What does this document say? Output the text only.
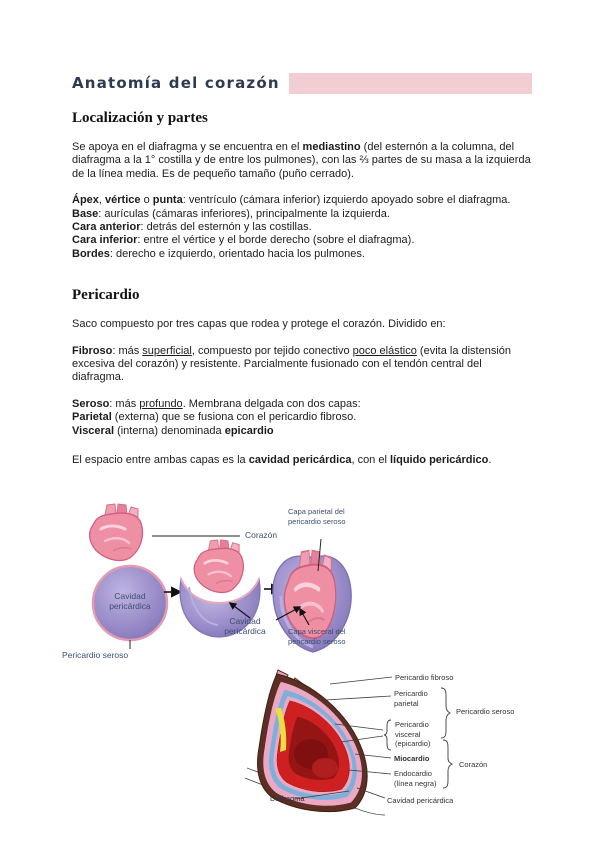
Anatomía del corazón
Localización y partes

Se apoya en el diafragma y se encuentra en el mediastino (del esternón a la columna, del diafragma a la 1° costilla y de entre los pulmones), con las ⅔ partes de su masa a la izquierda de la línea media. Es de pequeño tamaño (puño cerrado).

Ápex, vértice o punta: ventrículo (cámara inferior) izquierdo apoyado sobre el diafragma.

Base: aurículas (cámaras inferiores), principalmente la izquierda.

Cara anterior: detrás del esternón y las costillas.

Cara inferior: entre el vértice y el borde derecho (sobre el diafragma).

Bordes: derecho e izquierdo, orientado hacia los pulmones.

Pericardio

Saco compuesto por tres capas que rodea y protege el corazón. Dividido en:

Fibroso: más superficial, compuesto por tejido conectivo poco elástico (evita la distensión excesiva del corazón) y resistente. Parcialmente fusionado con el tendón central del diafragma.

Seroso: más profundo. Membrana delgada con dos capas:

Parietal (externa) que se fusiona con el pericardio fibroso.

Visceral (interna) denominada epicardio

El espacio entre ambas capas es la cavidad pericárdica, con el líquido pericárdico.

Corazón
Cavidad pericárdica
Pericardio seroso
Cavidad pericárdica
Capa parietal del pericardio seroso
Capa visceral del pericardio seroso
Pericardio fibroso
Pericardio parietal
Pericardio visceral (epicardio)
Pericardio seroso
Miocardio
Endocardio (línea negra)
Corazón
Diafragma	Cavidad pericárdica
